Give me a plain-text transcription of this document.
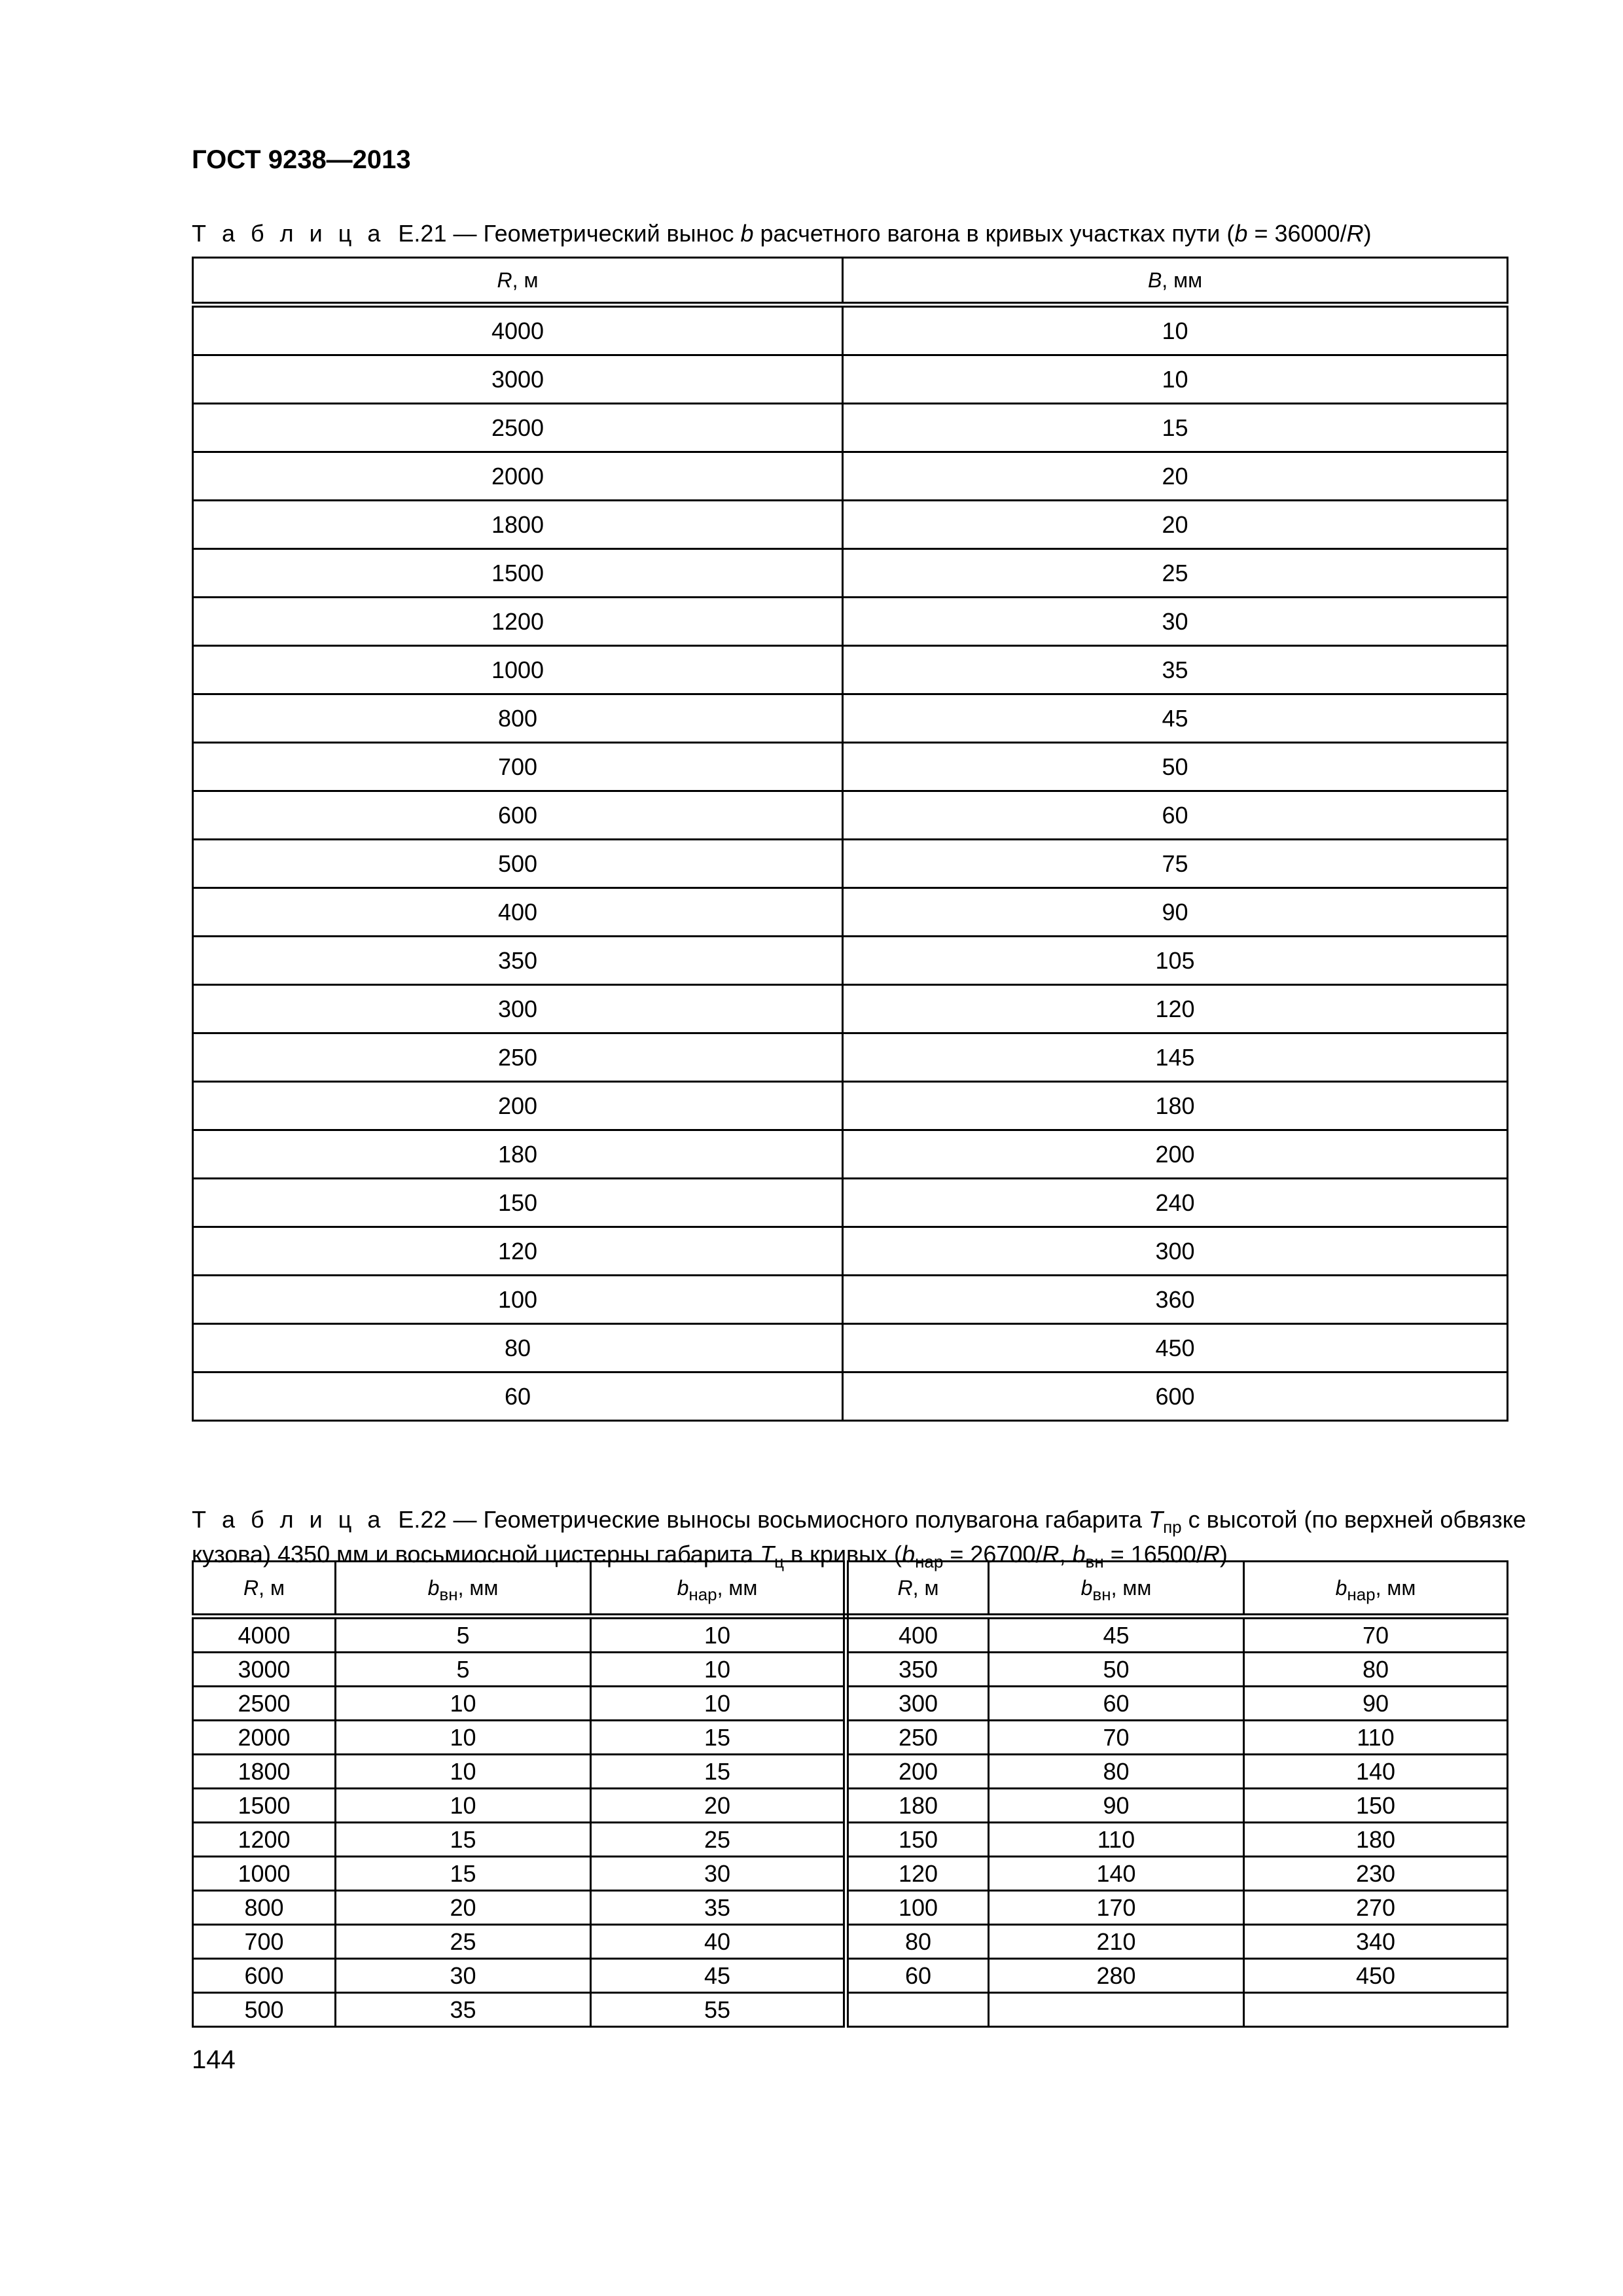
ГОСТ 9238—2013
Т а б л и ц а Е.21 — Геометрический вынос b расчетного вагона в кривых участках пути (b = 36000/R)
R, м	B, мм
4000	10
3000	10
2500	15
2000	20
1800	20
1500	25
1200	30
1000	35
800	45
700	50
600	60
500	75
400	90
350	105
300	120
250	145
200	180
180	200
150	240
120	300
100	360
80	450
60	600
Т а б л и ц а Е.22 — Геометрические выносы восьмиосного полувагона габарита $T_{пр}$ с высотой (по верхней обвязке
кузова) 4350 мм и восьмиосной цистерны габарита $T_ц$ в кривых ($b_{нар} = 26700/R$, $b_{вн} = 16500/R$)
R, м	$b_{вн}$, мм	$b_{нар}$, мм	R, м	$b_{вн}$, мм	$b_{нар}$, мм
4000	5	10	400	45	70
3000	5	10	350	50	80
2500	10	10	300	60	90
2000	10	15	250	70	110
1800	10	15	200	80	140
1500	10	20	180	90	150
1200	15	25	150	110	180
1000	15	30	120	140	230
800	20	35	100	170	270
700	25	40	80	210	340
600	30	45	60	280	450
500	35	55			
144
